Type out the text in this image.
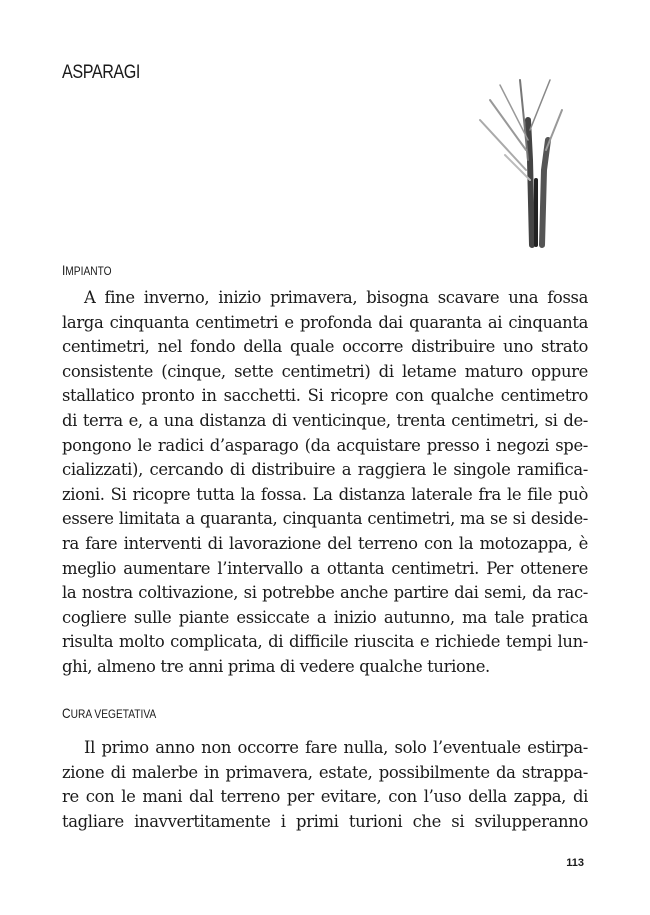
ASPARAGI
IMPIANTO
A fine inverno, inizio primavera, bisogna scavare una fossa
larga cinquanta centimetri e profonda dai quaranta ai cinquanta
centimetri, nel fondo della quale occorre distribuire uno strato
consistente (cinque, sette centimetri) di letame maturo oppure
stallatico pronto in sacchetti. Si ricopre con qualche centimetro
di terra e, a una distanza di venticinque, trenta centimetri, si de-
pongono le radici d’asparago (da acquistare presso i negozi spe-
cializzati), cercando di distribuire a raggiera le singole ramifica-
zioni. Si ricopre tutta la fossa. La distanza laterale fra le file può
essere limitata a quaranta, cinquanta centimetri, ma se si deside-
ra fare interventi di lavorazione del terreno con la motozappa, è
meglio aumentare l’intervallo a ottanta centimetri. Per ottenere
la nostra coltivazione, si potrebbe anche partire dai semi, da rac-
cogliere sulle piante essiccate a inizio autunno, ma tale pratica
risulta molto complicata, di difficile riuscita e richiede tempi lun-
ghi, almeno tre anni prima di vedere qualche turione.
CURA VEGETATIVA
Il primo anno non occorre fare nulla, solo l’eventuale estirpa-
zione di malerbe in primavera, estate, possibilmente da strappa-
re con le mani dal terreno per evitare, con l’uso della zappa, di
tagliare inavvertitamente i primi turioni che si svilupperanno
113
